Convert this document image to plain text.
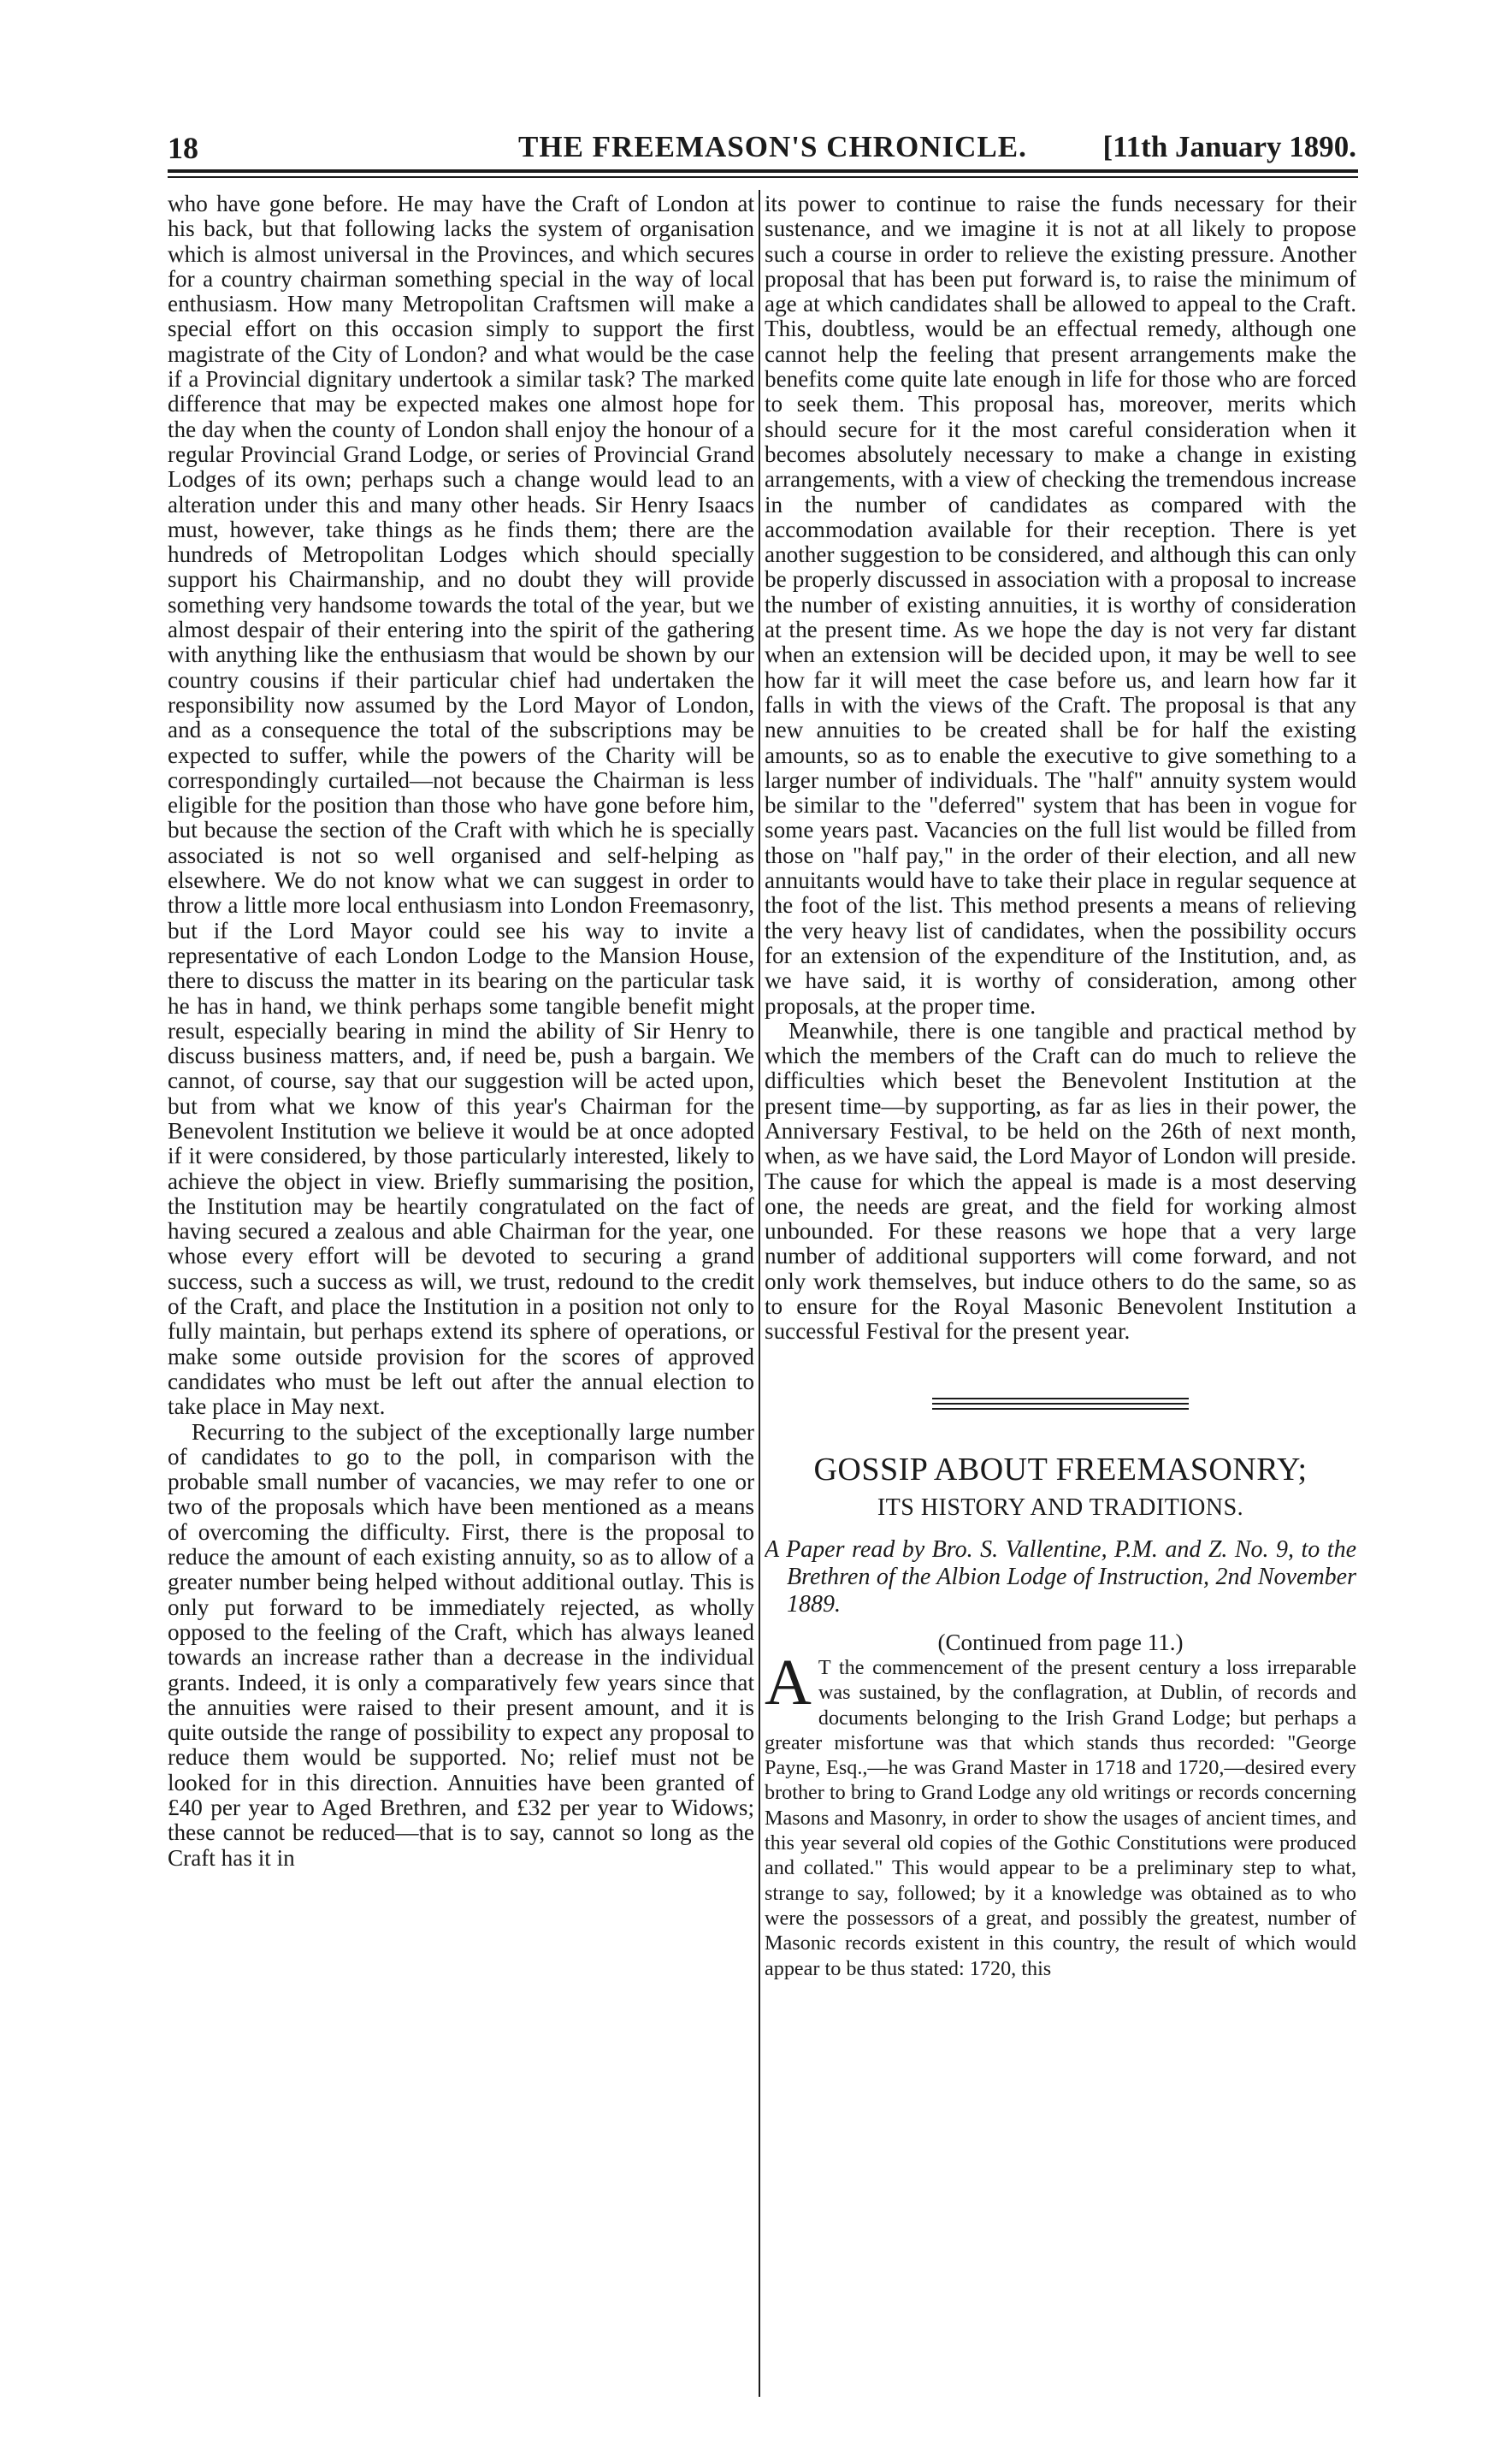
18	THE FREEMASON'S CHRONICLE.	[11th January 1890.

who have gone before. He may have the Craft of London at his back, but that following lacks the system of organisation which is almost universal in the Provinces, and which secures for a country chairman something special in the way of local enthusiasm. How many Metropolitan Craftsmen will make a special effort on this occasion simply to support the first magistrate of the City of London? and what would be the case if a Provincial dignitary undertook a similar task? The marked difference that may be expected makes one almost hope for the day when the county of London shall enjoy the honour of a regular Provincial Grand Lodge, or series of Provincial Grand Lodges of its own; perhaps such a change would lead to an alteration under this and many other heads. Sir Henry Isaacs must, however, take things as he finds them; there are the hundreds of Metropolitan Lodges which should specially support his Chairmanship, and no doubt they will provide something very handsome towards the total of the year, but we almost despair of their entering into the spirit of the gathering with anything like the enthusiasm that would be shown by our country cousins if their particular chief had undertaken the responsibility now assumed by the Lord Mayor of London, and as a consequence the total of the subscriptions may be expected to suffer, while the powers of the Charity will be correspondingly curtailed—not because the Chairman is less eligible for the position than those who have gone before him, but because the section of the Craft with which he is specially associated is not so well organised and self-helping as elsewhere. We do not know what we can suggest in order to throw a little more local enthusiasm into London Freemasonry, but if the Lord Mayor could see his way to invite a representative of each London Lodge to the Mansion House, there to discuss the matter in its bearing on the particular task he has in hand, we think perhaps some tangible benefit might result, especially bearing in mind the ability of Sir Henry to discuss business matters, and, if need be, push a bargain. We cannot, of course, say that our suggestion will be acted upon, but from what we know of this year's Chairman for the Benevolent Institution we believe it would be at once adopted if it were considered, by those particularly interested, likely to achieve the object in view. Briefly summarising the position, the Institution may be heartily congratulated on the fact of having secured a zealous and able Chairman for the year, one whose every effort will be devoted to securing a grand success, such a success as will, we trust, redound to the credit of the Craft, and place the Institution in a position not only to fully maintain, but perhaps extend its sphere of operations, or make some outside provision for the scores of approved candidates who must be left out after the annual election to take place in May next.

Recurring to the subject of the exceptionally large number of candidates to go to the poll, in comparison with the probable small number of vacancies, we may refer to one or two of the proposals which have been mentioned as a means of overcoming the difficulty. First, there is the proposal to reduce the amount of each existing annuity, so as to allow of a greater number being helped without additional outlay. This is only put forward to be immediately rejected, as wholly opposed to the feeling of the Craft, which has always leaned towards an increase rather than a decrease in the individual grants. Indeed, it is only a comparatively few years since that the annuities were raised to their present amount, and it is quite outside the range of possibility to expect any proposal to reduce them would be supported. No; relief must not be looked for in this direction. Annuities have been granted of £40 per year to Aged Brethren, and £32 per year to Widows; these cannot be reduced—that is to say, cannot so long as the Craft has it in

its power to continue to raise the funds necessary for their sustenance, and we imagine it is not at all likely to propose such a course in order to relieve the existing pressure. Another proposal that has been put forward is, to raise the minimum of age at which candidates shall be allowed to appeal to the Craft. This, doubtless, would be an effectual remedy, although one cannot help the feeling that present arrangements make the benefits come quite late enough in life for those who are forced to seek them. This proposal has, moreover, merits which should secure for it the most careful consideration when it becomes absolutely necessary to make a change in existing arrangements, with a view of checking the tremendous increase in the number of candidates as compared with the accommodation available for their reception. There is yet another suggestion to be considered, and although this can only be properly discussed in association with a proposal to increase the number of existing annuities, it is worthy of consideration at the present time. As we hope the day is not very far distant when an extension will be decided upon, it may be well to see how far it will meet the case before us, and learn how far it falls in with the views of the Craft. The proposal is that any new annuities to be created shall be for half the existing amounts, so as to enable the executive to give something to a larger number of individuals. The "half" annuity system would be similar to the "deferred" system that has been in vogue for some years past. Vacancies on the full list would be filled from those on "half pay," in the order of their election, and all new annuitants would have to take their place in regular sequence at the foot of the list. This method presents a means of relieving the very heavy list of candidates, when the possibility occurs for an extension of the expenditure of the Institution, and, as we have said, it is worthy of consideration, among other proposals, at the proper time.

Meanwhile, there is one tangible and practical method by which the members of the Craft can do much to relieve the difficulties which beset the Benevolent Institution at the present time—by supporting, as far as lies in their power, the Anniversary Festival, to be held on the 26th of next month, when, as we have said, the Lord Mayor of London will preside. The cause for which the appeal is made is a most deserving one, the needs are great, and the field for working almost unbounded. For these reasons we hope that a very large number of additional supporters will come forward, and not only work themselves, but induce others to do the same, so as to ensure for the Royal Masonic Benevolent Institution a successful Festival for the present year.

GOSSIP ABOUT FREEMASONRY;
ITS HISTORY AND TRADITIONS.
A Paper read by Bro. S. Vallentine, P.M. and Z. No. 9, to the Brethren of the Albion Lodge of Instruction, 2nd November 1889.
(Continued from page 11.)

A T the commencement of the present century a loss irreparable was sustained, by the conflagration, at Dublin, of records and documents belonging to the Irish Grand Lodge; but perhaps a greater misfortune was that which stands thus recorded: "George Payne, Esq.,—he was Grand Master in 1718 and 1720,—desired every brother to bring to Grand Lodge any old writings or records concerning Masons and Masonry, in order to show the usages of ancient times, and this year several old copies of the Gothic Constitutions were produced and collated." This would appear to be a preliminary step to what, strange to say, followed; by it a knowledge was obtained as to who were the possessors of a great, and possibly the greatest, number of Masonic records existent in this country, the result of which would appear to be thus stated: 1720, this
